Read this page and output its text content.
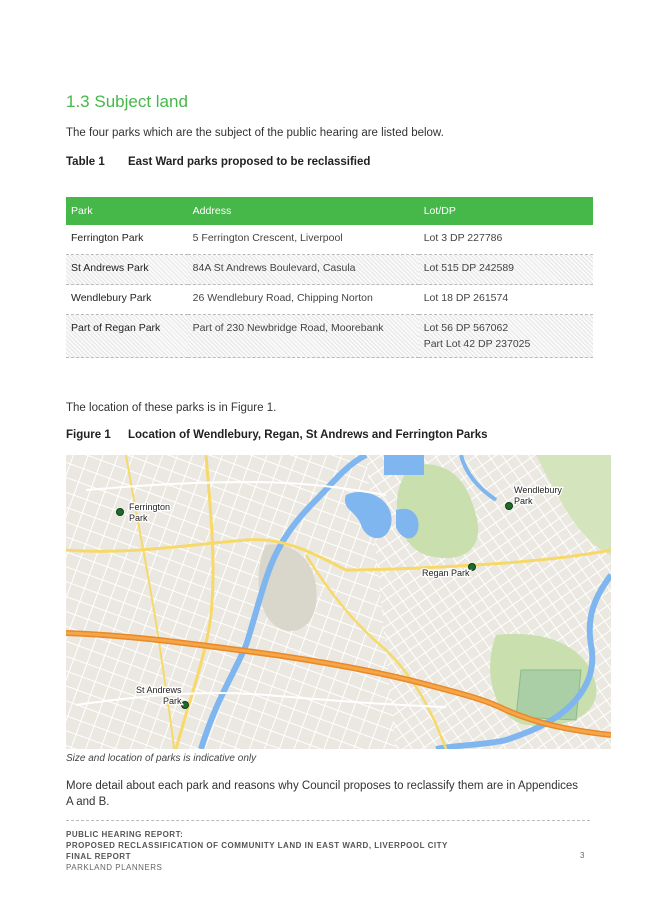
1.3 Subject land
The four parks which are the subject of the public hearing are listed below.
Table 1 East Ward parks proposed to be reclassified
Park	Address	Lot/DP
Ferrington Park	5 Ferrington Crescent, Liverpool	Lot 3 DP 227786
St Andrews Park	84A St Andrews Boulevard, Casula	Lot 515 DP 242589
Wendlebury Park	26 Wendlebury Road, Chipping Norton	Lot 18 DP 261574
Part of Regan Park	Part of 230 Newbridge Road, Moorebank	Lot 56 DP 567062
Part Lot 42 DP 237025
The location of these parks is in Figure 1.
Figure 1 Location of Wendlebury, Regan, St Andrews and Ferrington Parks
Ferrington
Park
Wendlebury
Park
Regan Park
St Andrews
Park
Size and location of parks is indicative only
More detail about each park and reasons why Council proposes to reclassify them are in Appendices A and B.
PUBLIC HEARING REPORT:
PROPOSED RECLASSIFICATION OF COMMUNITY LAND IN EAST WARD, LIVERPOOL CITY
FINAL REPORT
PARKLAND PLANNERS
3
